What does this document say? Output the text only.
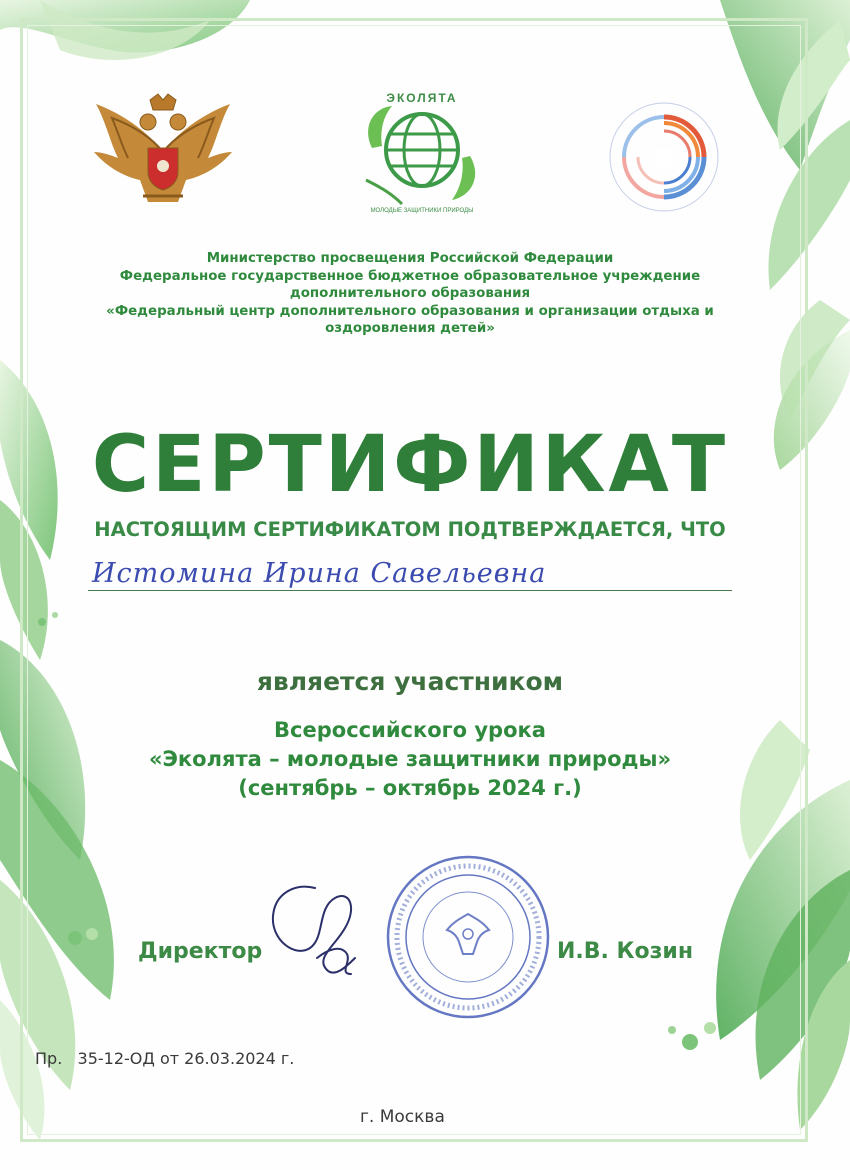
ЭКОЛЯТА
МОЛОДЫЕ ЗАЩИТНИКИ ПРИРОДЫ
Министерство просвещения Российской Федерации
Федеральное государственное бюджетное образовательное учреждение
дополнительного образования
«Федеральный центр дополнительного образования и организации отдыха и
оздоровления детей»
СЕРТИФИКАТ
НАСТОЯЩИМ СЕРТИФИКАТОМ ПОДТВЕРЖДАЕТСЯ, ЧТО
Истомина Ирина Савельевна
является участником
Всероссийского урока
«Эколята – молодые защитники природы»
(сентябрь – октябрь 2024 г.)
Директор	И.В. Козин
Пр.   35-12-ОД от 26.03.2024 г.
г. Москва
